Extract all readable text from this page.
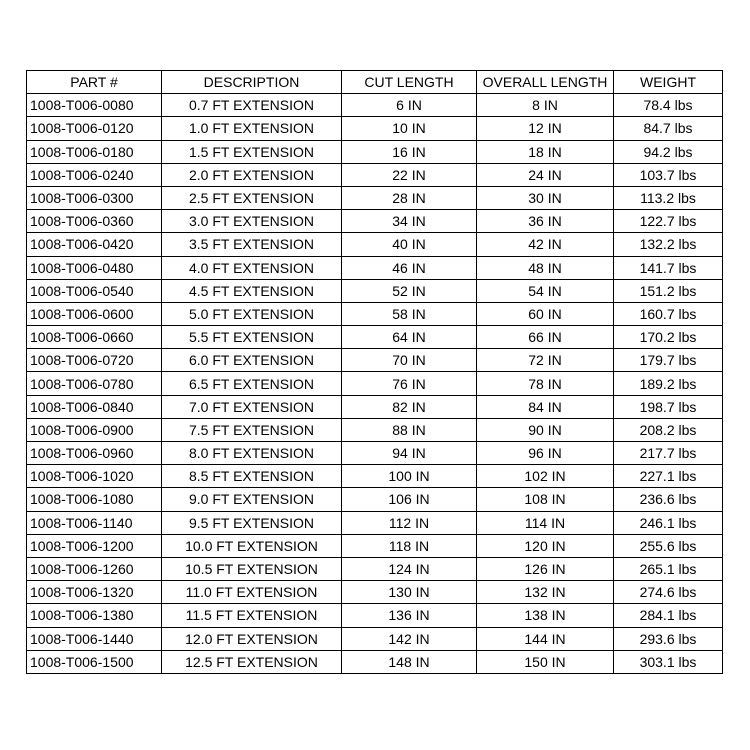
PART #	DESCRIPTION	CUT LENGTH	OVERALL LENGTH	WEIGHT
1008-T006-0080	0.7 FT EXTENSION	6 IN	8 IN	78.4 lbs
1008-T006-0120	1.0 FT EXTENSION	10 IN	12 IN	84.7 lbs
1008-T006-0180	1.5 FT EXTENSION	16 IN	18 IN	94.2 lbs
1008-T006-0240	2.0 FT EXTENSION	22 IN	24 IN	103.7 lbs
1008-T006-0300	2.5 FT EXTENSION	28 IN	30 IN	113.2 lbs
1008-T006-0360	3.0 FT EXTENSION	34 IN	36 IN	122.7 lbs
1008-T006-0420	3.5 FT EXTENSION	40 IN	42 IN	132.2 lbs
1008-T006-0480	4.0 FT EXTENSION	46 IN	48 IN	141.7 lbs
1008-T006-0540	4.5 FT EXTENSION	52 IN	54 IN	151.2 lbs
1008-T006-0600	5.0 FT EXTENSION	58 IN	60 IN	160.7 lbs
1008-T006-0660	5.5 FT EXTENSION	64 IN	66 IN	170.2 lbs
1008-T006-0720	6.0 FT EXTENSION	70 IN	72 IN	179.7 lbs
1008-T006-0780	6.5 FT EXTENSION	76 IN	78 IN	189.2 lbs
1008-T006-0840	7.0 FT EXTENSION	82 IN	84 IN	198.7 lbs
1008-T006-0900	7.5 FT EXTENSION	88 IN	90 IN	208.2 lbs
1008-T006-0960	8.0 FT EXTENSION	94 IN	96 IN	217.7 lbs
1008-T006-1020	8.5 FT EXTENSION	100 IN	102 IN	227.1 lbs
1008-T006-1080	9.0 FT EXTENSION	106 IN	108 IN	236.6 lbs
1008-T006-1140	9.5 FT EXTENSION	112 IN	114 IN	246.1 lbs
1008-T006-1200	10.0 FT EXTENSION	118 IN	120 IN	255.6 lbs
1008-T006-1260	10.5 FT EXTENSION	124 IN	126 IN	265.1 lbs
1008-T006-1320	11.0 FT EXTENSION	130 IN	132 IN	274.6 lbs
1008-T006-1380	11.5 FT EXTENSION	136 IN	138 IN	284.1 lbs
1008-T006-1440	12.0 FT EXTENSION	142 IN	144 IN	293.6 lbs
1008-T006-1500	12.5 FT EXTENSION	148 IN	150 IN	303.1 lbs
